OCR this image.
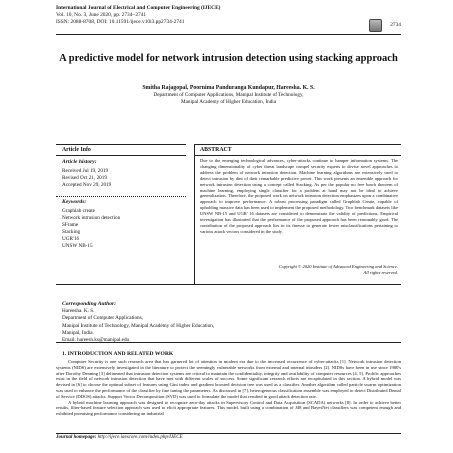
International Journal of Electrical and Computer Engineering (IJECE)
Vol. 10, No. 3, June 2020, pp. 2734~2741
ISSN: 2088-8708, DOI: 10.11591/ijece.v10i3.pp2734-2741	2734
A predictive model for network intrusion detection using stacking approach
Smitha Rajagopal, Poornima Panduranga Kundapur, Hareesha. K. S.
Department of Computer Applications, Manipal Institute of Technology,
Manipal Academy of Higher Education, India
Article Info	ABSTRACT
Article history:
Received Jul 19, 2019
Revised Oct 21, 2019
Accepted Nov 29, 2019
Keywords:
Graphlab create
Network intrusion detection
SFrame
Stacking
UGR'16
UNSW NB-15
Due to the emerging technological advances, cyber-attacks continue to hamper information systems. The changing dimensionality of cyber threat landscape compel security experts to devise novel approaches to address the problem of network intrusion detection. Machine learning algorithms are extensively used to detect intrusion by dint of their remarkable predictive power. This work presents an ensemble approach for network intrusion detection using a concept called Stacking. As per the popular no free lunch theorem of machine learning, employing single classifier for a problem at hand may not be ideal to achieve generalization. Therefore, the proposed work on network intrusion detection emphasizes upon a combinative approach to improve performance. A robust processing paradigm called Graphlab Create, capable of upholding massive data has been used to implement the proposed methodology. Two benchmark datasets like UNSW NB-15 and UGR' 16 datasets are considered to demonstrate the validity of predictions. Empirical investigation has illustrated that the performance of the proposed approach has been reasonably good. The contribution of the proposed approach lies in its finesse to generate fewer misclassifications pertaining to various attack vectors considered in the study.
Copyright © 2020 Institute of Advanced Engineering and Science.
All rights reserved.
Corresponding Author:
Hareesha. K. S.
Department of Computer Applications,
Manipal Institute of Technology, Manipal Academy of Higher Education,
Manipal, India.
Email: hareesh.ks@manipal.edu
1. INTRODUCTION AND RELATED WORK

Computer Security is one such research area that has garnered lot of attention in modern era due to the increased occurrence of cyber-attacks [1]. Network intrusion detection systems (NIDS) are extensively investigated in the literature to protect the seemingly vulnerable networks from external and internal intruders [2]. NIDSs have been in use since 1980's after Dorothy Denning [3] delineated that intrusion detection systems are critical to maintain the confidentiality, integrity and availability of computer resources [4, 5]. Prolific approaches exist in the field of network intrusion detection that have met with different scales of success. Some significant research efforts are recapitulated in this section. A hybrid model was devised in [6] to choose the optimal subset of features using Gini index and gradient boosted decision tree was used as a classifier. Another algorithm called particle swarm optimization was used to enhance the performance of the classifier by fine tuning the parameters. As discussed in [7], heterogeneous classification ensemble was employed to detect Distributed Denial of Service (DDOS) attacks. Support Vector Decomposition (SVD) was used to formulate the model that resulted in good attack detection rate.

A hybrid machine learning approach was designed to recognize zero-day attacks in Supervisory Control and Data Acquisition (SCADA) networks [8]. In order to achieve better results, filter-based feature selection approach was used to elicit appropriate features. This model, built using a combination of J48 and BayesNet classifiers was competent enough and exhibited promising performance considering an industrial

Journal homepage: http://ijece.iaescore.com/index.php/IJECE
